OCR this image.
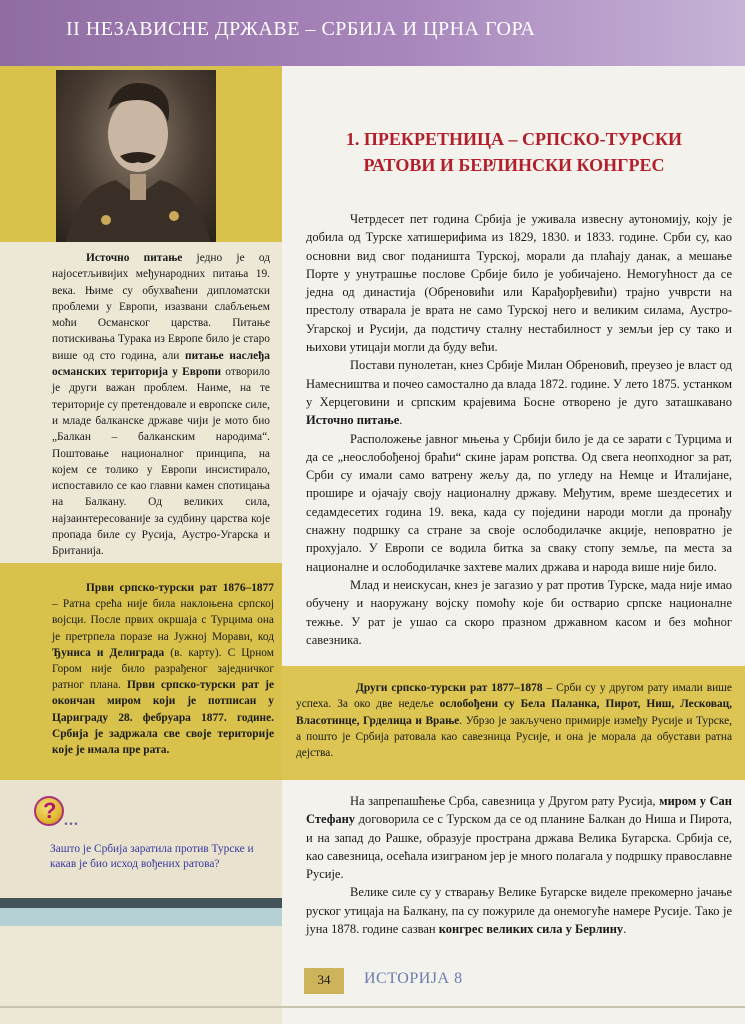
II НЕЗАВИСНЕ ДРЖАВЕ – СРБИЈА И ЦРНА ГОРА
Источно питање једно је од најосетљивијих међународних питања 19. века. Њиме су обухваћени дипломатски проблеми у Европи, изазвани слабљењем моћи Османског царства. Питање потискивања Турака из Европе било је старо више од сто година, али питање наслеђа османских територија у Европи отворило је други важан проблем. Наиме, на те територије су претендовале и европске силе, и младе балканске државе чији је мото био „Балкан – балканским народима“. Поштовање националног принципа, на којем се толико у Европи инсистирало, испоставило се као главни камен спотицања на Балкану. Од великих сила, најзаинтересованије за судбину царства које пропада биле су Русија, Аустро-Угарска и Британија.
Први српско-турски рат 1876–1877 – Ратна срећа није била наклоњена српској војсци. После првих окршаја с Турцима она је претрпела поразе на Јужној Морави, код Ђуниса и Делиграда (в. карту). С Црном Гором није било разрађеног заједничког ратног плана. Први српско-турски рат је окончан миром који је потписан у Цариграду 28. фебруара 1877. године. Србија је задржала све своје територије које је имала пре рата.
? ...
Зашто је Србија заратила против Турске и какав је био исход вођених ратова?
1. ПРЕКРЕТНИЦА – СРПСКО-ТУРСКИ
РАТОВИ И БЕРЛИНСКИ КОНГРЕС

Четрдесет пет година Србија је уживала извесну аутономију, коју је добила од Турске хатишерифима из 1829, 1830. и 1833. године. Срби су, као основни вид свог поданишта Турској, морали да плаћају данак, а мешање Порте у унутрашње послове Србије било је уобичајено. Немогућност да се једна од династија (Обреновићи или Карађорђевићи) трајно учврсти на престолу отварала је врата не само Турској него и великим силама, Аустро-Угарској и Русији, да подстичу сталну нестабилност у земљи јер су тако и њихови утицаји могли да буду већи.

Постави пунолетан, кнез Србије Милан Обреновић, преузео је власт од Намесништва и почео самостално да влада 1872. године. У лето 1875. устанком у Херцеговини и српским крајевима Босне отворено је дуго заташкавано Источно питање.

Расположење јавног мњења у Србији било је да се зарати с Турцима и да се „неослобођеној браћи“ скине јарам ропства. Од свега неопходног за рат, Срби су имали само ватрену жељу да, по угледу на Немце и Италијане, прошире и ојачају своју националну државу. Међутим, време шездесетих и седамдесетих година 19. века, када су поједини народи могли да пронађу снажну подршку са стране за своје ослободилачке акције, неповратно је прохујало. У Европи се водила битка за сваку стопу земље, па места за националне и ослободилачке захтеве малих држава и народа више није било.

Млад и неискусан, кнез је загазио у рат против Турске, мада није имао обучену и наоружану војску помоћу које би остварио српске националне тежње. У рат је ушао са скоро празном државном касом и без моћног савезника.

Други српско-турски рат 1877–1878 – Срби су у другом рату имали више успеха. За око две недеље ослобођени су Бела Паланка, Пирот, Ниш, Лесковац, Власотинце, Грделица и Врање. Убрзо је закључено примирје између Русије и Турске, а пошто је Србија ратовала као савезница Русије, и она је морала да обустави ратна дејства.

На запрепашћење Срба, савезница у Другом рату Русија, миром у Сан Стефану договорила се с Турском да се од планине Балкан до Ниша и Пирота, и на запад до Рашке, образује пространа држава Велика Бугарска. Србија се, као савезница, осећала изиграном јер је много полагала у подршку православне Русије.

Велике силе су у стварању Велике Бугарске виделе прекомерно јачање руског утицаја на Балкану, па су пожуриле да онемогуће намере Русије. Тако је јуна 1878. године сазван конгрес великих сила у Берлину.

34	ИСТОРИЈА 8
